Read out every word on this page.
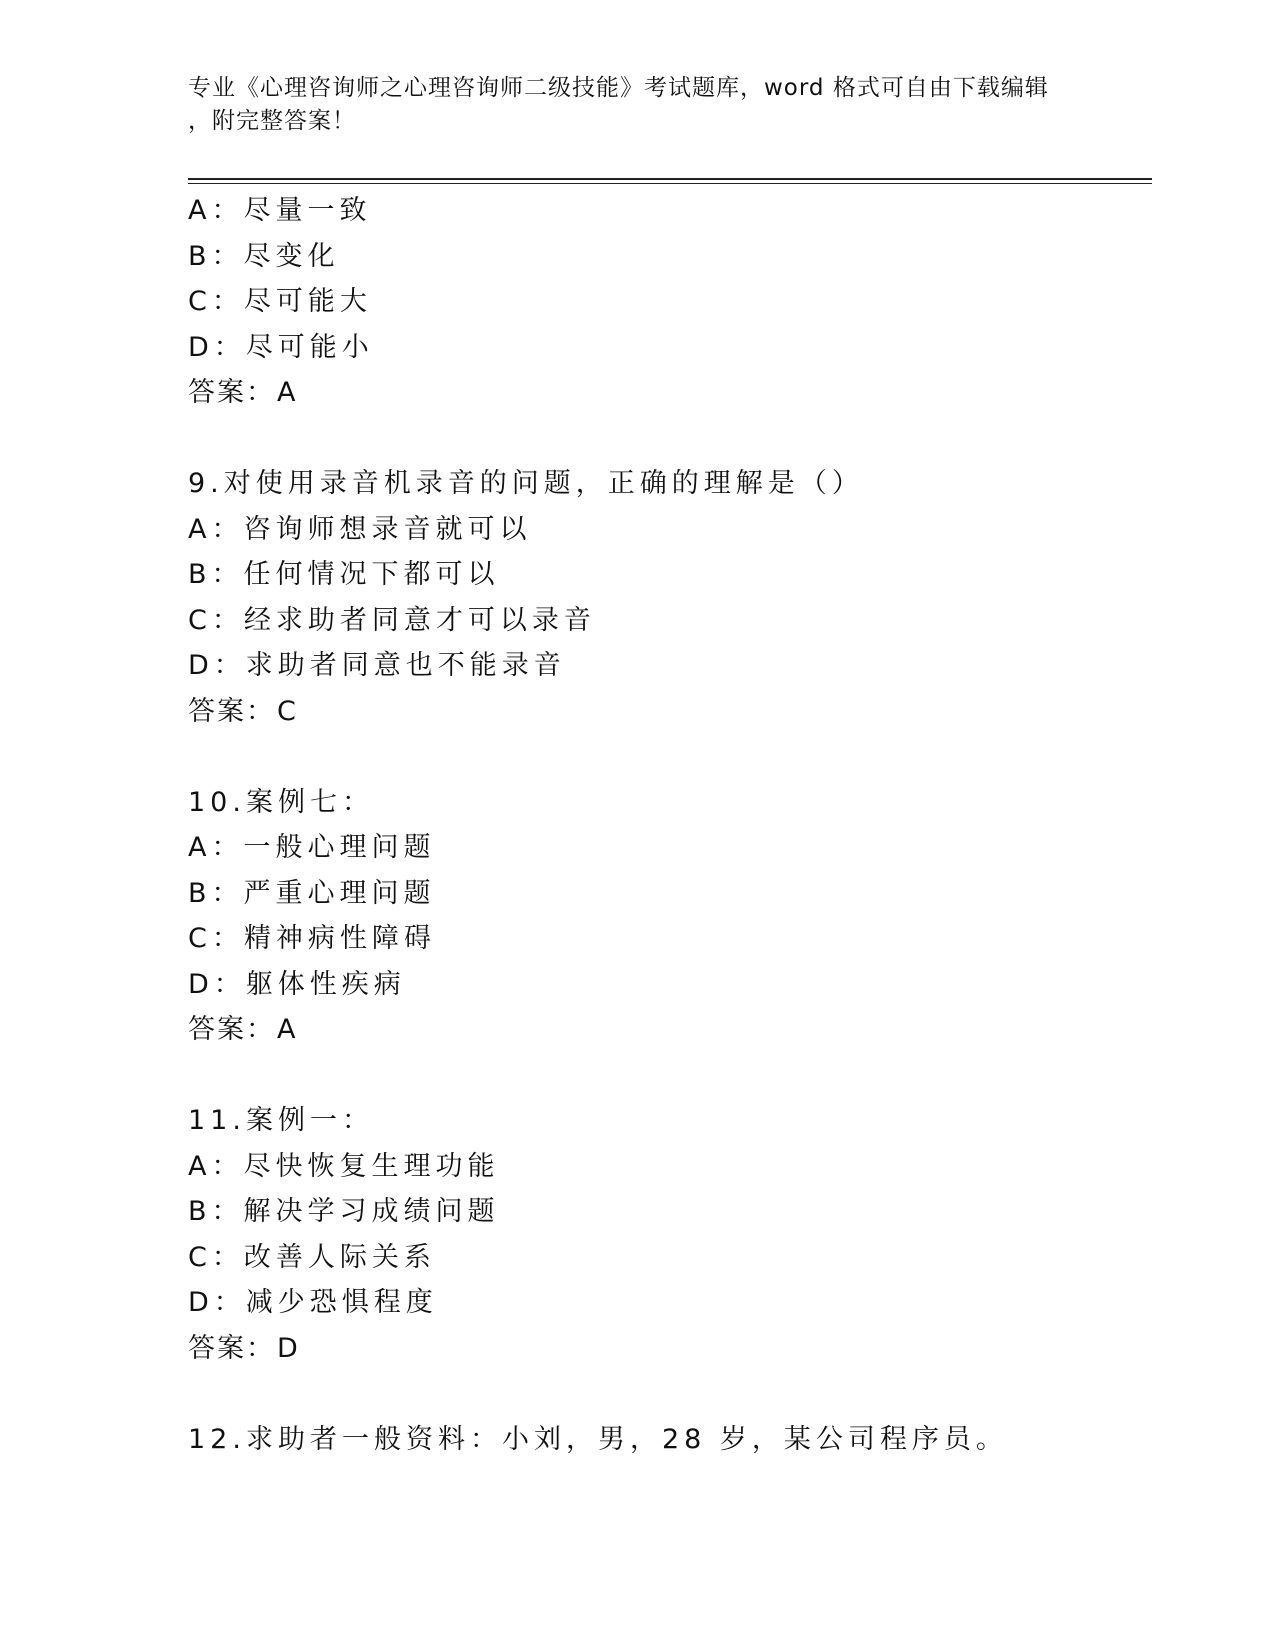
专业《心理咨询师之心理咨询师二级技能》考试题库，word 格式可自由下载编辑
，附完整答案！
A：尽量一致
B：尽变化
C：尽可能大
D：尽可能小
答案：A
9.对使用录音机录音的问题，正确的理解是（）
A：咨询师想录音就可以
B：任何情况下都可以
C：经求助者同意才可以录音
D：求助者同意也不能录音
答案：C
10.案例七：
A：一般心理问题
B：严重心理问题
C：精神病性障碍
D：躯体性疾病
答案：A
11.案例一：
A：尽快恢复生理功能
B：解决学习成绩问题
C：改善人际关系
D：减少恐惧程度
答案：D
12.求助者一般资料：小刘，男，28 岁，某公司程序员。
